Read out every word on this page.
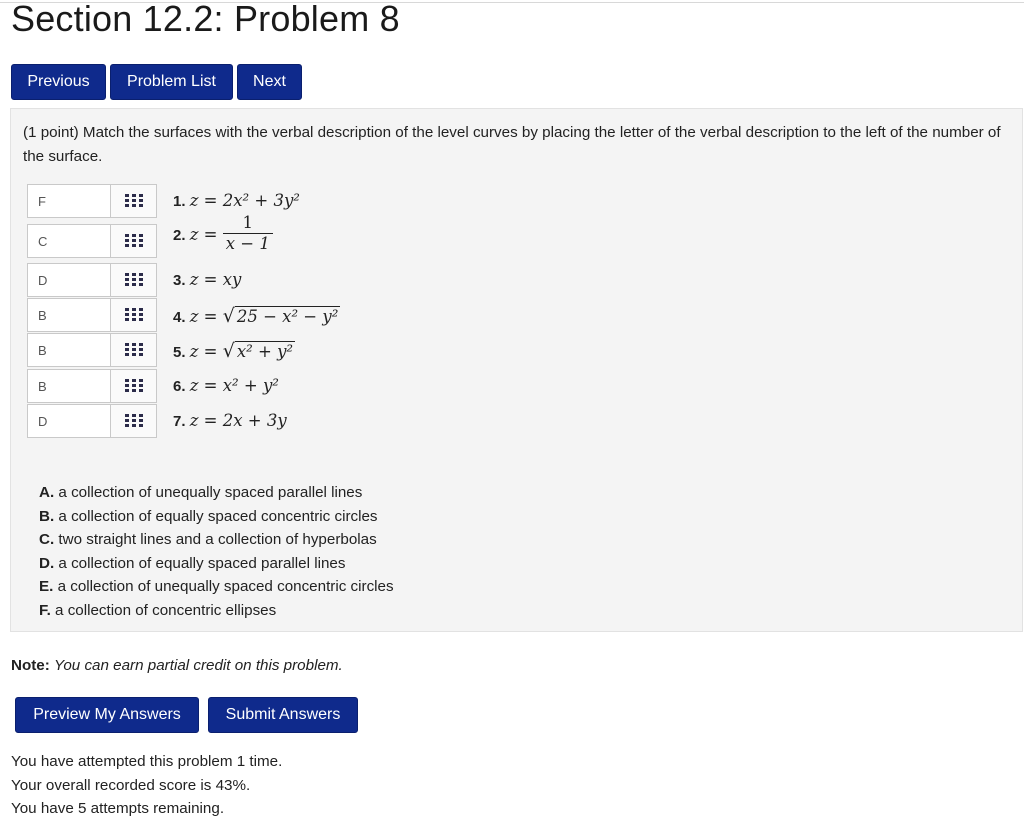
Section 12.2: Problem 8
Previous	Problem List	Next

(1 point) Match the surfaces with the verbal description of the level curves by placing the letter of the verbal description to the left of the number of the surface.

F
1. z = 2x² + 3y²
C
2. $z = \frac{1}{x - 1}$
D
3. z = xy
B
4. z = √ 25 − x² − y²
B
5. z = √ x² + y²
B
6. z = x² + y²
D
7. z = 2x + 3y
A. a collection of unequally spaced parallel lines
B. a collection of equally spaced concentric circles
C. two straight lines and a collection of hyperbolas
D. a collection of equally spaced parallel lines
E. a collection of unequally spaced concentric circles
F. a collection of concentric ellipses
Note: You can earn partial credit on this problem.
Preview My Answers	Submit Answers
You have attempted this problem 1 time.
Your overall recorded score is 43%.
You have 5 attempts remaining.
